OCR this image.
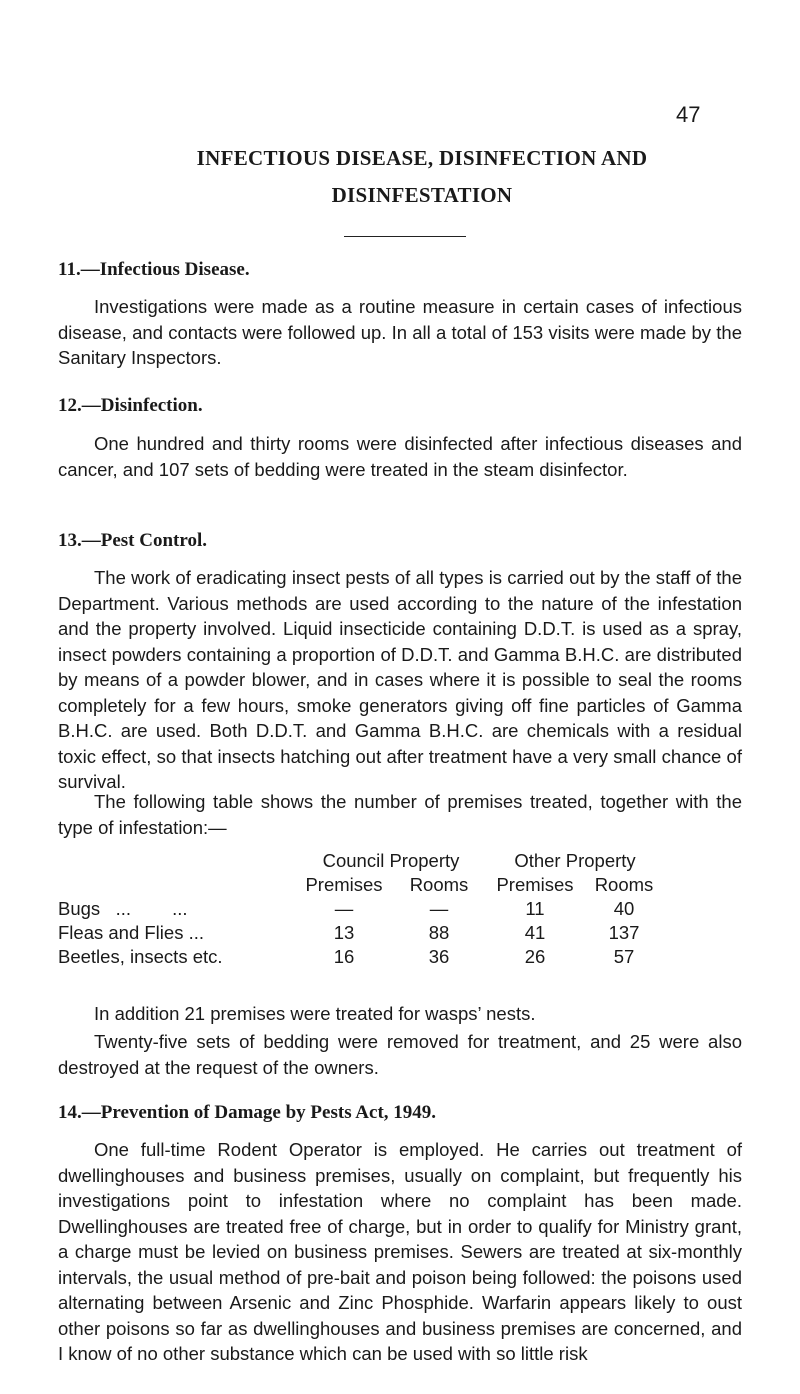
47
INFECTIOUS DISEASE, DISINFECTION AND
DISINFESTATION
11.—Infectious Disease.

Investigations were made as a routine measure in certain cases of infectious disease, and contacts were followed up. In all a total of 153 visits were made by the Sanitary Inspectors.

12.—Disinfection.

One hundred and thirty rooms were disinfected after infectious diseases and cancer, and 107 sets of bedding were treated in the steam disinfector.

13.—Pest Control.

The work of eradicating insect pests of all types is carried out by the staff of the Department. Various methods are used according to the nature of the infestation and the property involved. Liquid insecticide containing D.D.T. is used as a spray, insect powders containing a proportion of D.D.T. and Gamma B.H.C. are distributed by means of a powder blower, and in cases where it is possible to seal the rooms completely for a few hours, smoke generators giving off fine particles of Gamma B.H.C. are used. Both D.D.T. and Gamma B.H.C. are chemicals with a residual toxic effect, so that insects hatching out after treatment have a very small chance of survival.

The following table shows the number of premises treated, together with the type of infestation:—

	Council Property		Other Property	
	Premises	Rooms	Premises	Rooms
Bugs   ...        ...	—	—	11	40
Fleas and Flies ...	13	88	41	137
Beetles, insects etc.	16	36	26	57
In addition 21 premises were treated for wasps’ nests.

Twenty-five sets of bedding were removed for treatment, and 25 were also destroyed at the request of the owners.

14.—Prevention of Damage by Pests Act, 1949.

One full-time Rodent Operator is employed. He carries out treatment of dwellinghouses and business premises, usually on complaint, but frequently his investigations point to infestation where no complaint has been made. Dwellinghouses are treated free of charge, but in order to qualify for Ministry grant, a charge must be levied on business premises. Sewers are treated at six-monthly intervals, the usual method of pre-bait and poison being followed: the poisons used alternating between Arsenic and Zinc Phosphide. Warfarin appears likely to oust other poisons so far as dwellinghouses and business premises are concerned, and I know of no other substance which can be used with so little risk
